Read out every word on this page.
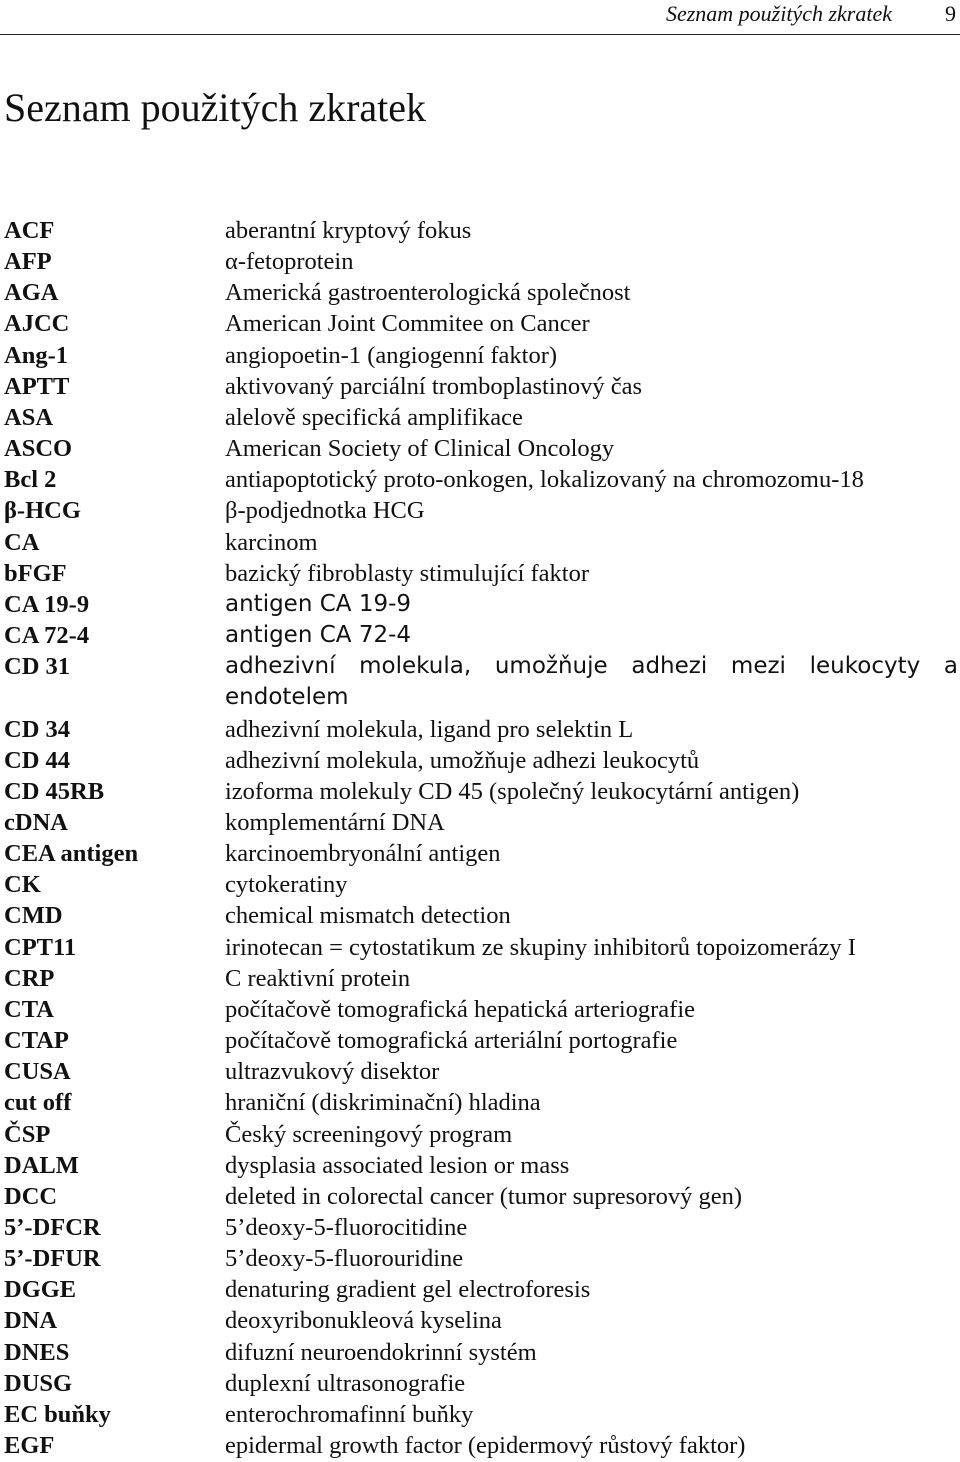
Seznam použitých zkratek 9
Seznam použitých zkratek
ACF	aberantní kryptový fokus
AFP	α-fetoprotein
AGA	Americká gastroenterologická společnost
AJCC	American Joint Commitee on Cancer
Ang-1	angiopoetin-1 (angiogenní faktor)
APTT	aktivovaný parciální tromboplastinový čas
ASA	alelově specifická amplifikace
ASCO	American Society of Clinical Oncology
Bcl 2	antiapoptotický proto-onkogen, lokalizovaný na chromozomu-18
β-HCG	β-podjednotka HCG
CA	karcinom
bFGF	bazický fibroblasty stimulující faktor
CA 19-9	antigen CA 19-9
CA 72-4	antigen CA 72-4
CD 31	adhezivní molekula, umožňuje adhezi mezi leukocyty a endotelem
CD 34	adhezivní molekula, ligand pro selektin L
CD 44	adhezivní molekula, umožňuje adhezi leukocytů
CD 45RB	izoforma molekuly CD 45 (společný leukocytární antigen)
cDNA	komplementární DNA
CEA antigen	karcinoembryonální antigen
CK	cytokeratiny
CMD	chemical mismatch detection
CPT11	irinotecan = cytostatikum ze skupiny inhibitorů topoizomerázy I
CRP	C reaktivní protein
CTA	počítačově tomografická hepatická arteriografie
CTAP	počítačově tomografická arteriální portografie
CUSA	ultrazvukový disektor
cut off	hraniční (diskriminační) hladina
ČSP	Český screeningový program
DALM	dysplasia associated lesion or mass
DCC	deleted in colorectal cancer (tumor supresorový gen)
5’-DFCR	5’deoxy-5-fluorocitidine
5’-DFUR	5’deoxy-5-fluorouridine
DGGE	denaturing gradient gel electroforesis
DNA	deoxyribonukleová kyselina
DNES	difuzní neuroendokrinní systém
DUSG	duplexní ultrasonografie
EC buňky	enterochromafinní buňky
EGF	epidermal growth factor (epidermový růstový faktor)
